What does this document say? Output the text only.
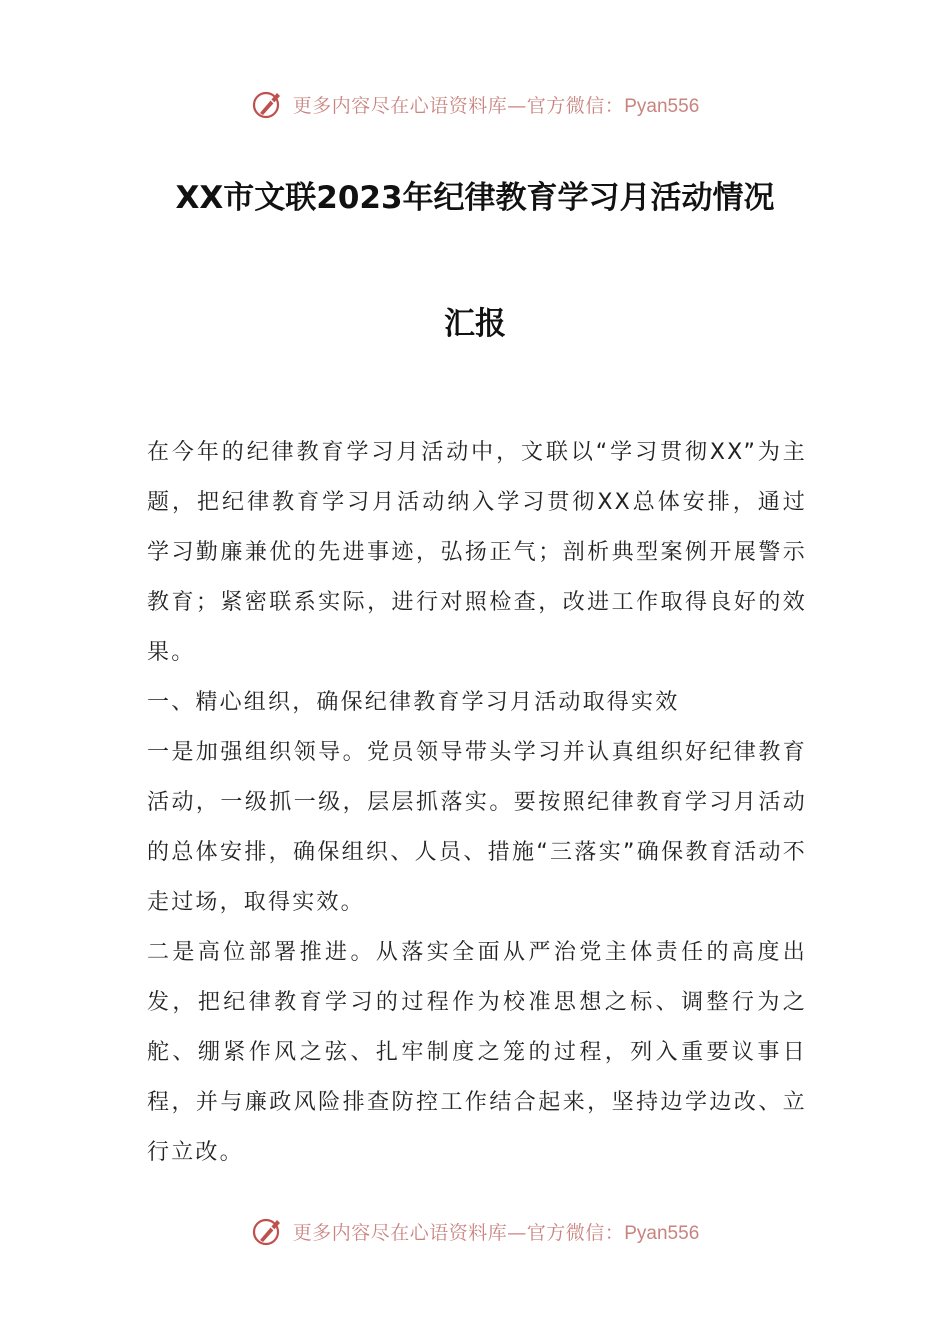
更多内容尽在心语资料库—官方微信：Pyan556
XX市文联2023年纪律教育学习月活动情况
汇报

在今年的纪律教育学习月活动中，文联以“学习贯彻XX”为主题，把纪律教育学习月活动纳入学习贯彻XX总体安排，通过学习勤廉兼优的先进事迹，弘扬正气；剖析典型案例开展警示教育；紧密联系实际，进行对照检查，改进工作取得良好的效果。

一、精心组织，确保纪律教育学习月活动取得实效

一是加强组织领导。党员领导带头学习并认真组织好纪律教育活动，一级抓一级，层层抓落实。要按照纪律教育学习月活动的总体安排，确保组织、人员、措施“三落实”确保教育活动不走过场，取得实效。

二是高位部署推进。从落实全面从严治党主体责任的高度出发，把纪律教育学习的过程作为校准思想之标、调整行为之舵、绷紧作风之弦、扎牢制度之笼的过程，列入重要议事日程，并与廉政风险排查防控工作结合起来，坚持边学边改、立行立改。

更多内容尽在心语资料库—官方微信：Pyan556
